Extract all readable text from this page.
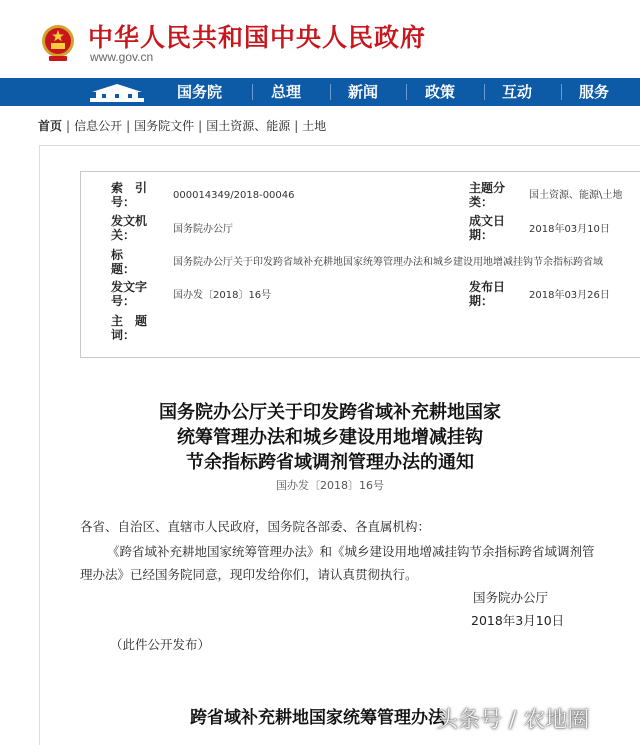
中华人民共和国中央人民政府
www.gov.cn
国务院	总理	新闻	政策	互动	服务
首页 | 信息公开 | 国务院文件 | 国土资源、能源 | 土地
索　引
号：	000014349/2018-00046
主题分
类：	国土资源、能源\土地
发文机
关：	国务院办公厅
成文日
期：	2018年03月10日
标　　
题：	国务院办公厅关于印发跨省域补充耕地国家统筹管理办法和城乡建设用地增减挂钩节余指标跨省域
发文字
号：	国办发〔2018〕16号
发布日
期：	2018年03月26日
主　题
词：
国务院办公厅关于印发跨省域补充耕地国家
统筹管理办法和城乡建设用地增减挂钩
节余指标跨省域调剂管理办法的通知
国办发〔2018〕16号
各省、自治区、直辖市人民政府，国务院各部委、各直属机构：
《跨省域补充耕地国家统筹管理办法》和《城乡建设用地增减挂钩节余指标跨省域调剂管
理办法》已经国务院同意，现印发给你们，请认真贯彻执行。
国务院办公厅
2018年3月10日
（此件公开发布）
跨省域补充耕地国家统筹管理办法
头条号 / 农地圈
